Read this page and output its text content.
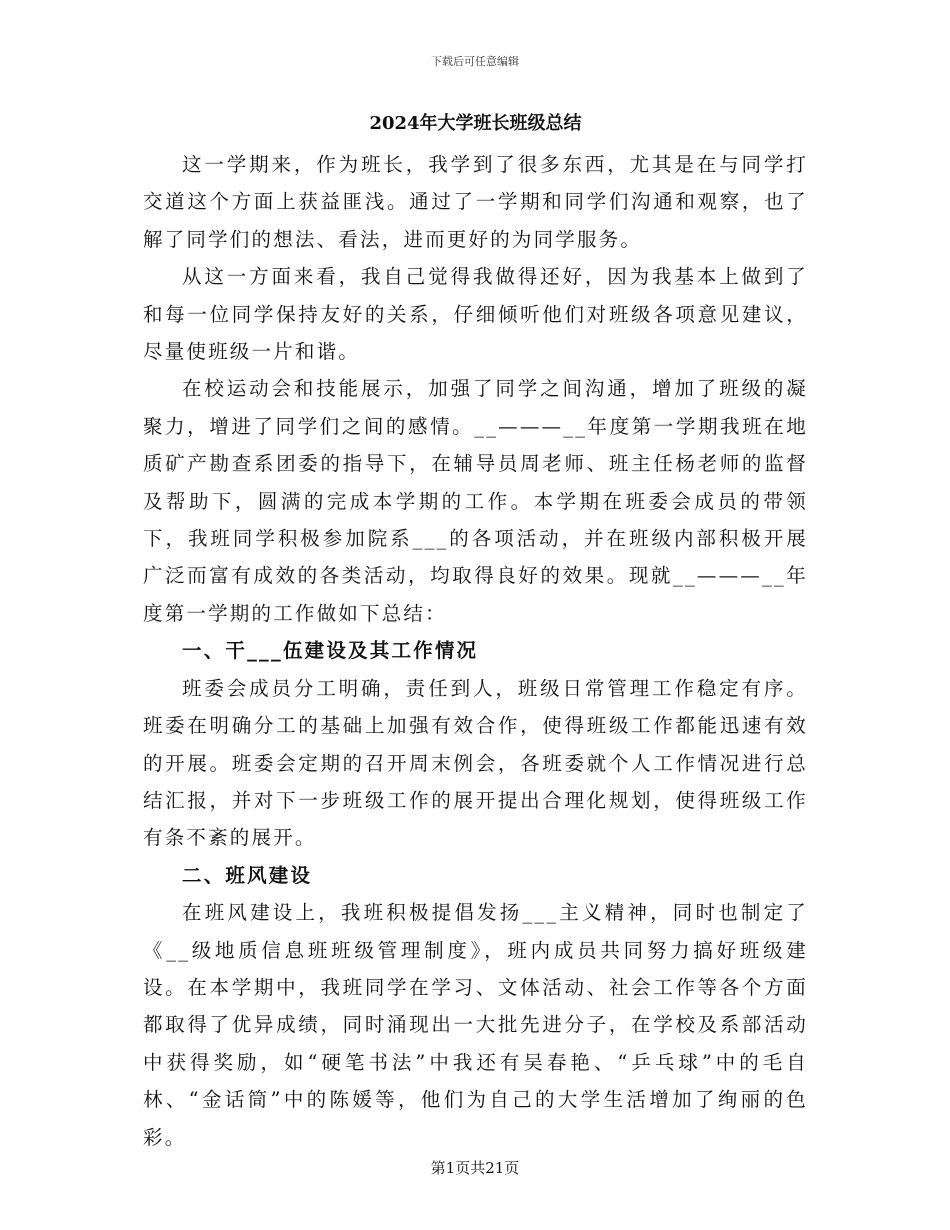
下载后可任意编辑
2024年大学班长班级总结

这一学期来，作为班长，我学到了很多东西，尤其是在与同学打交道这个方面上获益匪浅。通过了一学期和同学们沟通和观察，也了解了同学们的想法、看法，进而更好的为同学服务。

从这一方面来看，我自己觉得我做得还好，因为我基本上做到了和每一位同学保持友好的关系，仔细倾听他们对班级各项意见建议，尽量使班级一片和谐。

在校运动会和技能展示，加强了同学之间沟通，增加了班级的凝聚力，增进了同学们之间的感情。__———__年度第一学期我班在地质矿产勘查系团委的指导下，在辅导员周老师、班主任杨老师的监督及帮助下，圆满的完成本学期的工作。本学期在班委会成员的带领下，我班同学积极参加院系___的各项活动，并在班级内部积极开展广泛而富有成效的各类活动，均取得良好的效果。现就__———__年度第一学期的工作做如下总结：

一、干___伍建设及其工作情况

班委会成员分工明确，责任到人，班级日常管理工作稳定有序。班委在明确分工的基础上加强有效合作，使得班级工作都能迅速有效的开展。班委会定期的召开周末例会，各班委就个人工作情况进行总结汇报，并对下一步班级工作的展开提出合理化规划，使得班级工作有条不紊的展开。

二、班风建设

在班风建设上，我班积极提倡发扬___主义精神，同时也制定了《__级地质信息班班级管理制度》，班内成员共同努力搞好班级建设。在本学期中，我班同学在学习、文体活动、社会工作等各个方面都取得了优异成绩，同时涌现出一大批先进分子，在学校及系部活动中获得奖励，如“硬笔书法”中我还有吴春艳、“乒乓球”中的毛自林、“金话筒”中的陈媛等，他们为自己的大学生活增加了绚丽的色彩。

第1页共21页
